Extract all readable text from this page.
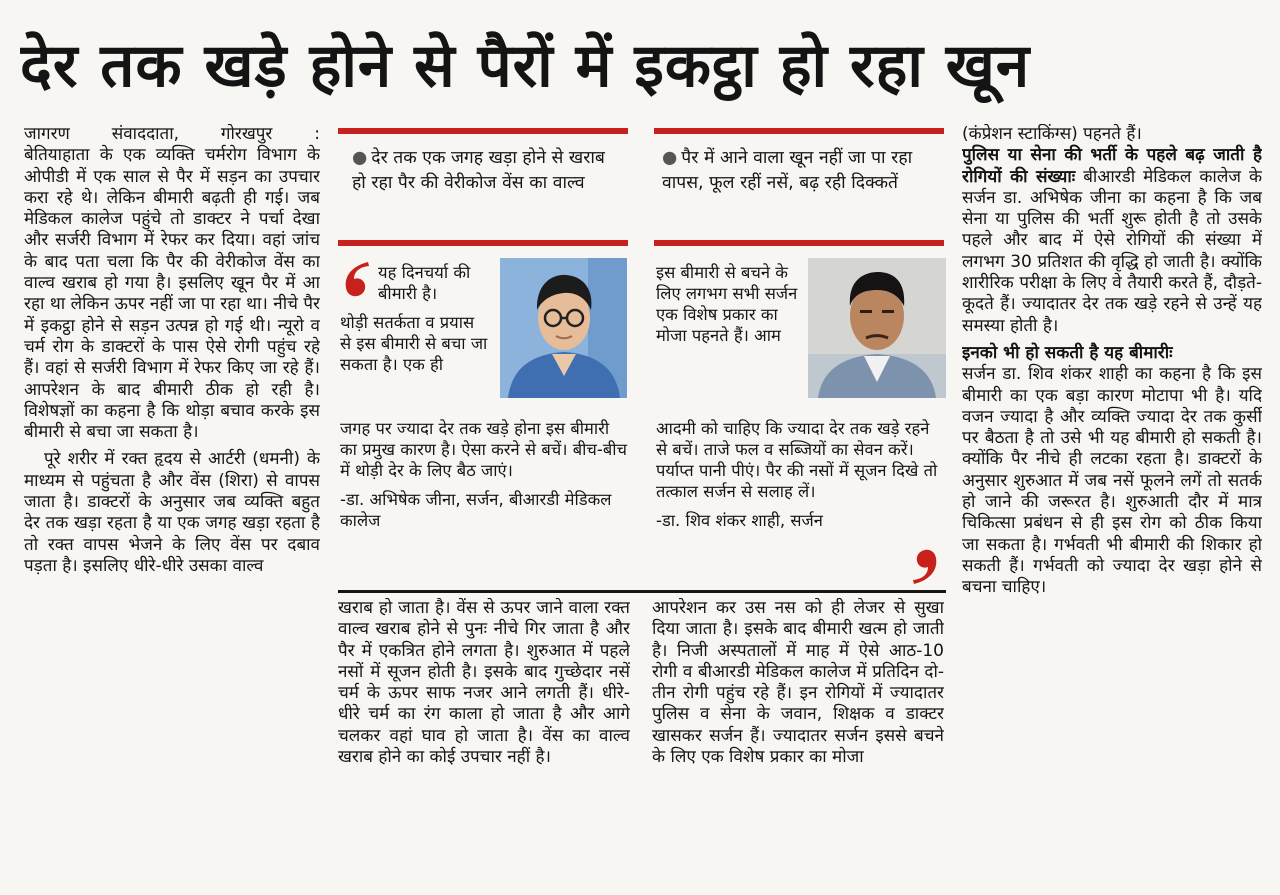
देर तक खड़े होने से पैरों में इकट्ठा हो रहा खून

जागरण संवाददाता, गोरखपुर :

बेतियाहाता के एक व्यक्ति चर्मरोग विभाग के ओपीडी में एक साल से पैर में सड़न का उपचार करा रहे थे। लेकिन बीमारी बढ़ती ही गई। जब मेडिकल कालेज पहुंचे तो डाक्टर ने पर्चा देखा और सर्जरी विभाग में रेफर कर दिया। वहां जांच के बाद पता चला कि पैर की वेरीकोज वेंस का वाल्व खराब हो गया है। इसलिए खून पैर में आ रहा था लेकिन ऊपर नहीं जा पा रहा था। नीचे पैर में इकट्ठा होने से सड़न उत्पन्न हो गई थी। न्यूरो व चर्म रोग के डाक्टरों के पास ऐसे रोगी पहुंच रहे हैं। वहां से सर्जरी विभाग में रेफर किए जा रहे हैं। आपरेशन के बाद बीमारी ठीक हो रही है। विशेषज्ञों का कहना है कि थोड़ा बचाव करके इस बीमारी से बचा जा सकता है।

पूरे शरीर में रक्त हृदय से आर्टरी (धमनी) के माध्यम से पहुंचता है और वेंस (शिरा) से वापस जाता है। डाक्टरों के अनुसार जब व्यक्ति बहुत देर तक खड़ा रहता है या एक जगह खड़ा रहता है तो रक्त वापस भेजने के लिए वेंस पर दबाव पड़ता है। इसलिए धीरे-धीरे उसका वाल्व

● देर तक एक जगह खड़ा होने से खराब हो रहा पैर की वेरीकोज वेंस का वाल्व
● पैर में आने वाला खून नहीं जा पा रहा वापस, फूल रहीं नसें, बढ़ रही दिक्कतें
यह दिनचर्या की बीमारी है।
थोड़ी सतर्कता व प्रयास से इस बीमारी से बचा जा सकता है। एक ही

जगह पर ज्यादा देर तक खड़े होना इस बीमारी का प्रमुख कारण है। ऐसा करने से बचें। बीच-बीच में थोड़ी देर के लिए बैठ जाएं।

-डा. अभिषेक जीना, सर्जन, बीआरडी मेडिकल कालेज

इस बीमारी से बचने के लिए लगभग सभी सर्जन एक विशेष प्रकार का मोजा पहनते हैं। आम

आदमी को चाहिए कि ज्यादा देर तक खड़े रहने से बचें। ताजे फल व सब्जियों का सेवन करें। पर्याप्त पानी पीएं। पैर की नसों में सूजन दिखे तो तत्काल सर्जन से सलाह लें।

-डा. शिव शंकर शाही, सर्जन

खराब हो जाता है। वेंस से ऊपर जाने वाला रक्त वाल्व खराब होने से पुनः नीचे गिर जाता है और पैर में एकत्रित होने लगता है। शुरुआत में पहले नसों में सूजन होती है। इसके बाद गुच्छेदार नसें चर्म के ऊपर साफ नजर आने लगती हैं। धीरे-धीरे चर्म का रंग काला हो जाता है और आगे चलकर वहां घाव हो जाता है। वेंस का वाल्व खराब होने का कोई उपचार नहीं है।

आपरेशन कर उस नस को ही लेजर से सुखा दिया जाता है। इसके बाद बीमारी खत्म हो जाती है। निजी अस्पतालों में माह में ऐसे आठ-10 रोगी व बीआरडी मेडिकल कालेज में प्रतिदिन दो-तीन रोगी पहुंच रहे हैं। इन रोगियों में ज्यादातर पुलिस व सेना के जवान, शिक्षक व डाक्टर खासकर सर्जन हैं। ज्यादातर सर्जन इससे बचने के लिए एक विशेष प्रकार का मोजा

(कंप्रेशन स्टाकिंग्स) पहनते हैं।

पुलिस या सेना की भर्ती के पहले बढ़ जाती है रोगियों की संख्याः बीआरडी मेडिकल कालेज के सर्जन डा. अभिषेक जीना का कहना है कि जब सेना या पुलिस की भर्ती शुरू होती है तो उसके पहले और बाद में ऐसे रोगियों की संख्या में लगभग 30 प्रतिशत की वृद्धि हो जाती है। क्योंकि शारीरिक परीक्षा के लिए वे तैयारी करते हैं, दौड़ते-कूदते हैं। ज्यादातर देर तक खड़े रहने से उन्हें यह समस्या होती है।

इनको भी हो सकती है यह बीमारीः

सर्जन डा. शिव शंकर शाही का कहना है कि इस बीमारी का एक बड़ा कारण मोटापा भी है। यदि वजन ज्यादा है और व्यक्ति ज्यादा देर तक कुर्सी पर बैठता है तो उसे भी यह बीमारी हो सकती है। क्योंकि पैर नीचे ही लटका रहता है। डाक्टरों के अनुसार शुरुआत में जब नसें फूलने लगें तो सतर्क हो जाने की जरूरत है। शुरुआती दौर में मात्र चिकित्सा प्रबंधन से ही इस रोग को ठीक किया जा सकता है। गर्भवती भी बीमारी की शिकार हो सकती हैं। गर्भवती को ज्यादा देर खड़ा होने से बचना चाहिए।
